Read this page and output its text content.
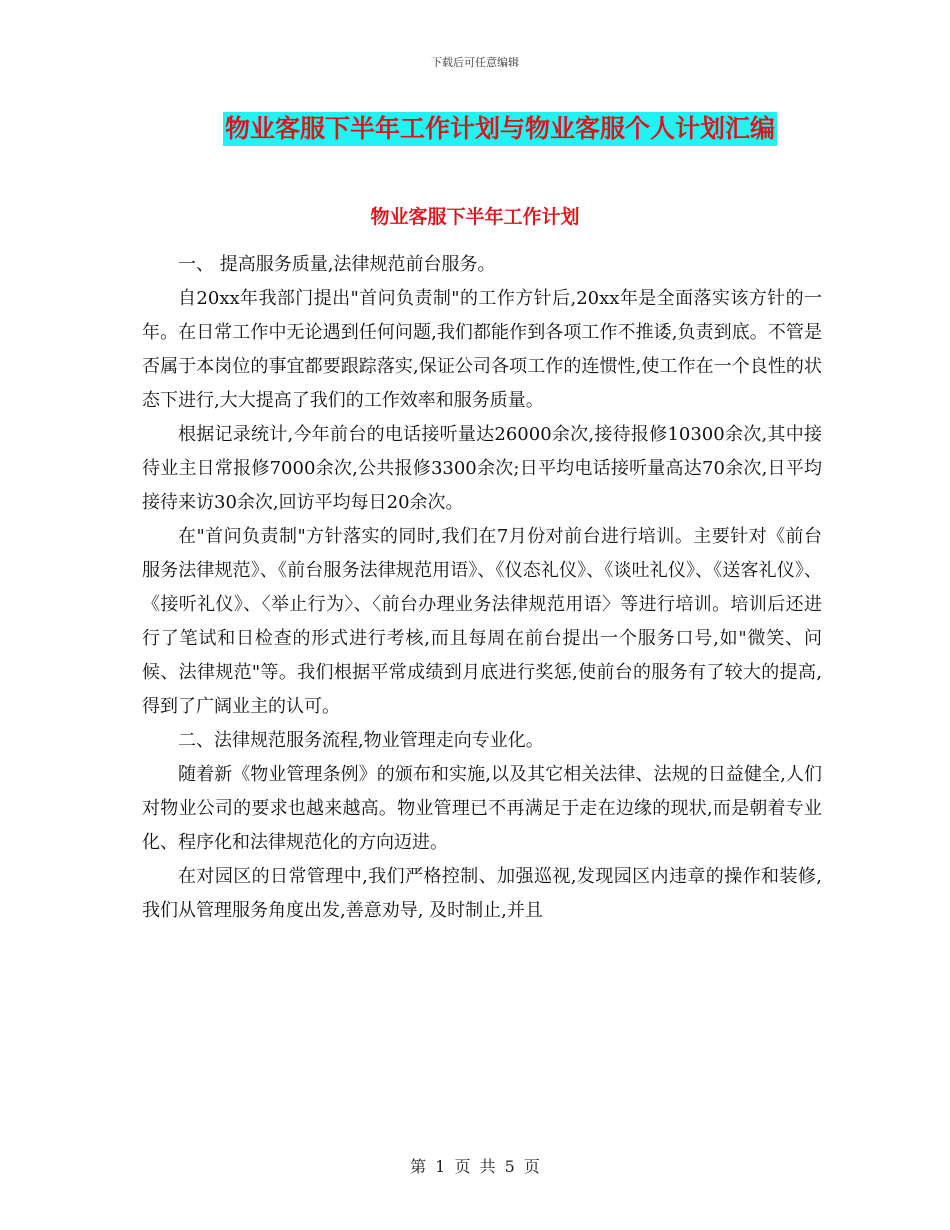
下载后可任意编辑
物业客服下半年工作计划与物业客服个人计划汇编
物业客服下半年工作计划

一、 提高服务质量,法律规范前台服务。

自20xx年我部门提出"首问负责制"的工作方针后,20xx年是全面落实该方针的一年。在日常工作中无论遇到任何问题,我们都能作到各项工作不推诿,负责到底。不管是否属于本岗位的事宜都要跟踪落实,保证公司各项工作的连惯性,使工作在一个良性的状态下进行,大大提高了我们的工作效率和服务质量。

根据记录统计,今年前台的电话接听量达26000余次,接待报修10300余次,其中接待业主日常报修7000余次,公共报修3300余次;日平均电话接听量高达70余次,日平均接待来访30余次,回访平均每日20余次。

在"首问负责制"方针落实的同时,我们在7月份对前台进行培训。主要针对《前台服务法律规范》、《前台服务法律规范用语》、《仪态礼仪》、《谈吐礼仪》、《送客礼仪》、《接听礼仪》、〈举止行为〉、〈前台办理业务法律规范用语〉等进行培训。培训后还进行了笔试和日检查的形式进行考核,而且每周在前台提出一个服务口号,如"微笑、问候、法律规范"等。我们根据平常成绩到月底进行奖惩,使前台的服务有了较大的提高,得到了广阔业主的认可。

二、法律规范服务流程,物业管理走向专业化。

随着新《物业管理条例》的颁布和实施,以及其它相关法律、法规的日益健全,人们对物业公司的要求也越来越高。物业管理已不再满足于走在边缘的现状,而是朝着专业化、程序化和法律规范化的方向迈进。

在对园区的日常管理中,我们严格控制、加强巡视,发现园区内违章的操作和装修,我们从管理服务角度出发,善意劝导, 及时制止,并且

第 1 页 共 5 页
